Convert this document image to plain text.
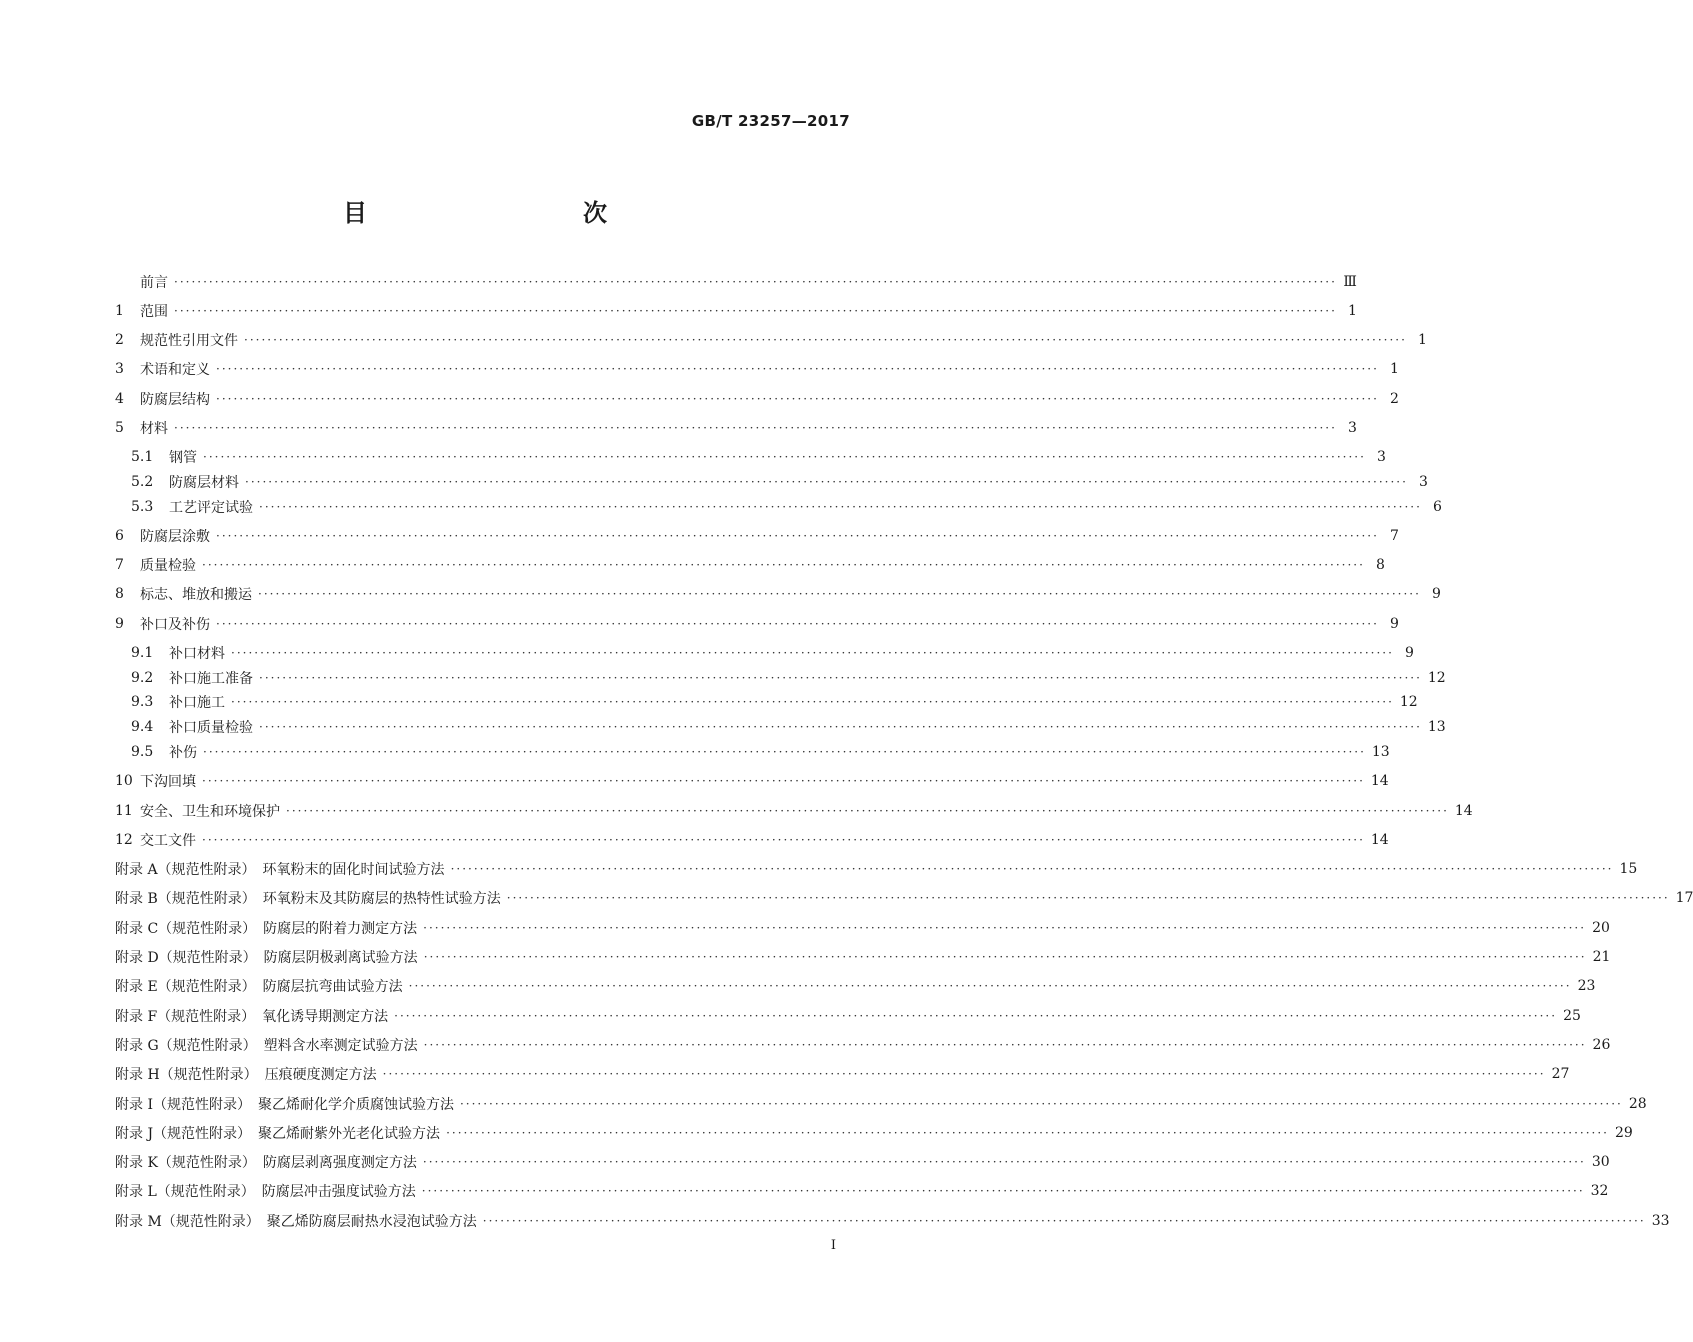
GB/T 23257—2017
目　　次
前言 ········································································································································································································ Ⅲ
1	范围 ········································································································································································································ 1
2	规范性引用文件 ········································································································································································································ 1
3	术语和定义 ········································································································································································································ 1
4	防腐层结构 ········································································································································································································ 2
5	材料 ········································································································································································································ 3
5.1	钢管 ········································································································································································································ 3
5.2	防腐层材料 ········································································································································································································ 3
5.3	工艺评定试验 ········································································································································································································ 6
6	防腐层涂敷 ········································································································································································································ 7
7	质量检验 ········································································································································································································ 8
8	标志、堆放和搬运 ········································································································································································································ 9
9	补口及补伤 ········································································································································································································ 9
9.1	补口材料 ········································································································································································································ 9
9.2	补口施工准备 ········································································································································································································ 12
9.3	补口施工 ········································································································································································································ 12
9.4	补口质量检验 ········································································································································································································ 13
9.5	补伤 ········································································································································································································ 13
10 下沟回填 ········································································································································································································ 14
11 安全、卫生和环境保护 ········································································································································································································ 14
12 交工文件 ········································································································································································································ 14
附录 A（规范性附录）　环氧粉末的固化时间试验方法 ········································································································································································································ 15
附录 B（规范性附录）　环氧粉末及其防腐层的热特性试验方法 ········································································································································································································ 17
附录 C（规范性附录）　防腐层的附着力测定方法 ········································································································································································································ 20
附录 D（规范性附录）　防腐层阴极剥离试验方法 ········································································································································································································ 21
附录 E（规范性附录）　防腐层抗弯曲试验方法 ········································································································································································································ 23
附录 F（规范性附录）　氧化诱导期测定方法 ········································································································································································································ 25
附录 G（规范性附录）　塑料含水率测定试验方法 ········································································································································································································ 26
附录 H（规范性附录）　压痕硬度测定方法 ········································································································································································································ 27
附录 I（规范性附录）　聚乙烯耐化学介质腐蚀试验方法 ········································································································································································································ 28
附录 J（规范性附录）　聚乙烯耐紫外光老化试验方法 ········································································································································································································ 29
附录 K（规范性附录）　防腐层剥离强度测定方法 ········································································································································································································ 30
附录 L（规范性附录）　防腐层冲击强度试验方法 ········································································································································································································ 32
附录 M（规范性附录）　聚乙烯防腐层耐热水浸泡试验方法 ········································································································································································································ 33
I
